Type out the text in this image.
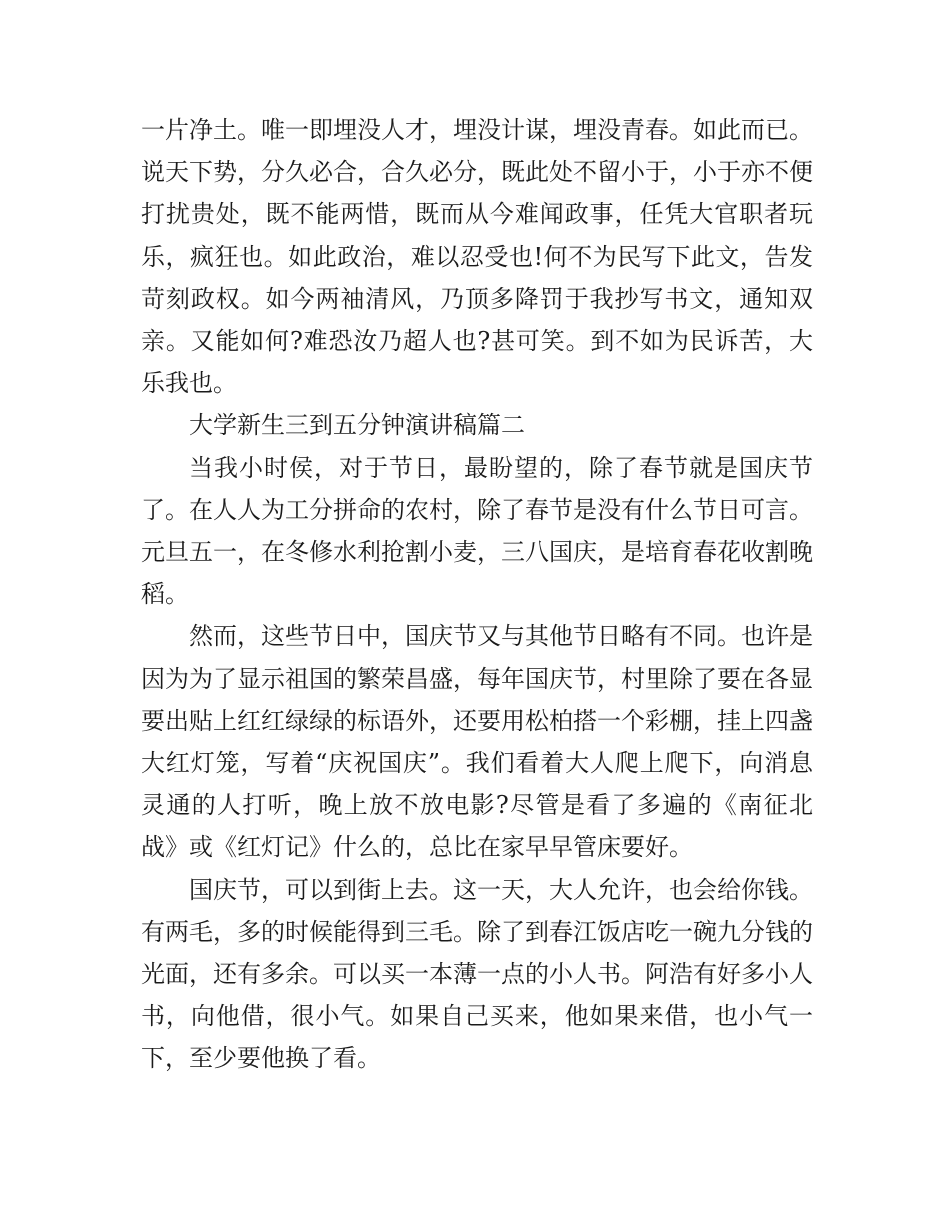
一片净土。唯一即埋没人才，埋没计谋，埋没青春。如此而已。说天下势，分久必合，合久必分，既此处不留小于，小于亦不便打扰贵处，既不能两惜，既而从今难闻政事，任凭大官职者玩乐，疯狂也。如此政治，难以忍受也!何不为民写下此文，告发苛刻政权。如今两袖清风，乃顶多降罚于我抄写书文，通知双亲。又能如何?难恐汝乃超人也?甚可笑。到不如为民诉苦，大乐我也。

大学新生三到五分钟演讲稿篇二

当我小时侯，对于节日，最盼望的，除了春节就是国庆节了。在人人为工分拼命的农村，除了春节是没有什么节日可言。元旦五一，在冬修水利抢割小麦，三八国庆，是培育春花收割晚稻。

然而，这些节日中，国庆节又与其他节日略有不同。也许是因为为了显示祖国的繁荣昌盛，每年国庆节，村里除了要在各显要出贴上红红绿绿的标语外，还要用松柏搭一个彩棚，挂上四盏大红灯笼，写着“庆祝国庆”。我们看着大人爬上爬下，向消息灵通的人打听，晚上放不放电影?尽管是看了多遍的《南征北战》或《红灯记》什么的，总比在家早早管床要好。

国庆节，可以到街上去。这一天，大人允许，也会给你钱。有两毛，多的时候能得到三毛。除了到春江饭店吃一碗九分钱的光面，还有多余。可以买一本薄一点的小人书。阿浩有好多小人书，向他借，很小气。如果自己买来，他如果来借，也小气一下，至少要他换了看。
